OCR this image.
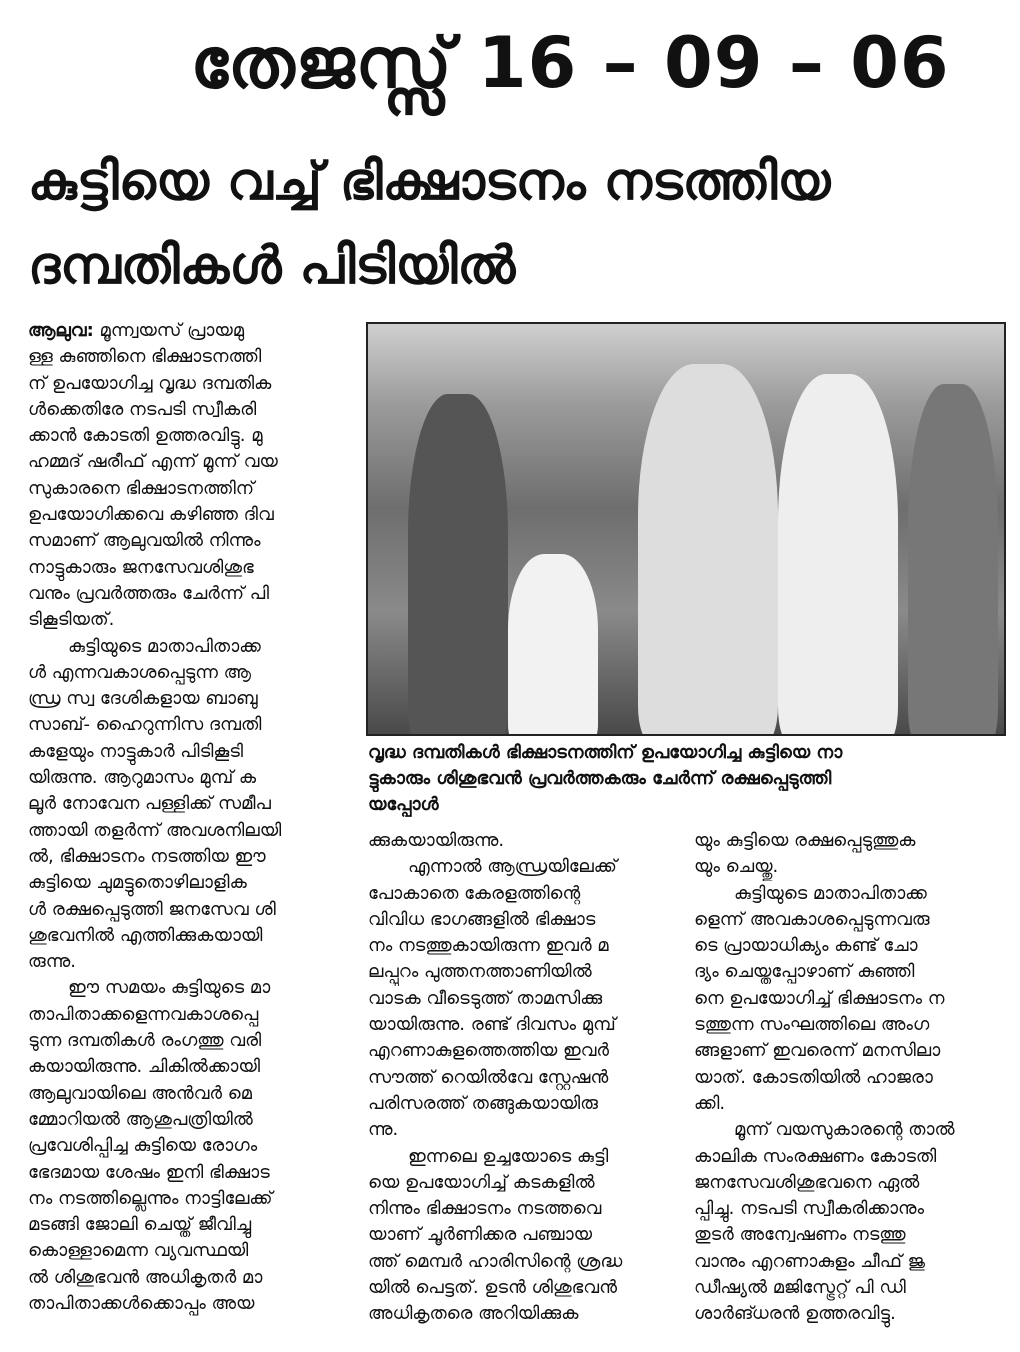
തേജസ്സ് 16 – 09 – 06
കുട്ടിയെ വച്ച് ഭിക്ഷാടനം നടത്തിയ
ദമ്പതികൾ പിടിയിൽ
ആലുവ: മൂന്ന്വയസ് പ്രായമു
ള്ള കുഞ്ഞിനെ ഭിക്ഷാടനത്തി
ന് ഉപയോഗിച്ച വൃദ്ധ ദമ്പതിക
ൾക്കെതിരേ നടപടി സ്വീകരി
ക്കാൻ കോടതി ഉത്തരവിട്ടു. മു
ഹമ്മദ് ഷരീഫ് എന്ന് മൂന്ന് വയ
സുകാരനെ ഭിക്ഷാടനത്തിന്
ഉപയോഗിക്കവെ കഴിഞ്ഞ ദിവ
സമാണ് ആലുവയിൽ നിന്നും
നാട്ടുകാരും ജനസേവശിശുഭ
വനും പ്രവർത്തരും ചേർന്ന് പി
ടികൂടിയത്.
കുട്ടിയുടെ മാതാപിതാക്ക
ൾ എന്നവകാശപ്പെടുന്ന ആ
ന്ധ്ര സ്വ ദേശികളായ ബാബു
സാബ്- ഹൈറുന്നിസ ദമ്പതി
കളേയും നാട്ടുകാർ പിടികൂടി
യിരുന്നു. ആറുമാസം മുമ്പ് ക
ലൂർ നോവേന പള്ളിക്ക് സമീപ
ത്തായി തളർന്ന് അവശനിലയി
ൽ, ഭിക്ഷാടനം നടത്തിയ ഈ
കുട്ടിയെ ചുമട്ടുതൊഴിലാളിക
ൾ രക്ഷപ്പെടുത്തി ജനസേവ ശി
ശുഭവനിൽ എത്തിക്കുകയായി
രുന്നു.
ഈ സമയം കുട്ടിയുടെ മാ
താപിതാക്കളെന്നവകാശപ്പെ
ടുന്ന ദമ്പതികൾ രംഗത്തു വരി
കയായിരുന്നു. ചികിൽക്കായി
ആലുവായിലെ അൻവർ മെ
മ്മോറിയൽ ആശുപത്രിയിൽ
പ്രവേശിപ്പിച്ച കുട്ടിയെ രോഗം
ഭേദമായ ശേഷം ഇനി ഭിക്ഷാട
നം നടത്തില്ലെന്നും നാട്ടിലേക്ക്
മടങ്ങി ജോലി ചെയ്ത് ജീവിച്ചു
കൊള്ളാമെന്ന വ്യവസ്ഥയി
ൽ ശിശുഭവൻ അധികൃതർ മാ
താപിതാക്കൾക്കൊപ്പം അയ
വൃദ്ധ ദമ്പതികൾ ഭിക്ഷാടനത്തിന് ഉപയോഗിച്ച കുട്ടിയെ നാ
ട്ടുകാരും ശിശുഭവൻ പ്രവർത്തകരും ചേർന്ന് രക്ഷപ്പെടുത്തി
യപ്പോൾ
ക്കുകയായിരുന്നു.
എന്നാൽ ആന്ധ്രയിലേക്ക്
പോകാതെ കേരളത്തിന്റെ
വിവിധ ഭാഗങ്ങളിൽ ഭിക്ഷാട
നം നടത്തുകായിരുന്ന ഇവർ മ
ലപ്പുറം പുത്തനത്താണിയിൽ
വാടക വീടെടുത്ത് താമസിക്കു
യായിരുന്നു. രണ്ട് ദിവസം മുമ്പ്
എറണാകുളത്തെത്തിയ ഇവർ
സൗത്ത് റെയിൽവേ സ്റ്റേഷൻ
പരിസരത്ത് തങ്ങുകയായിരു
ന്നു.
ഇന്നലെ ഉച്ചയോടെ കുട്ടി
യെ ഉപയോഗിച്ച് കടകളിൽ
നിന്നും ഭിക്ഷാടനം നടത്തവെ
യാണ് ചൂർണിക്കര പഞ്ചായ
ത്ത് മെമ്പർ ഹാരിസിന്റെ ശ്രദ്ധ
യിൽ പെട്ടത്. ഉടൻ ശിശുഭവൻ
അധികൃതരെ അറിയിക്കുക
യും കുട്ടിയെ രക്ഷപ്പെടുത്തുക
യും ചെയ്തു.
കുട്ടിയുടെ മാതാപിതാക്ക
ളെന്ന് അവകാശപ്പെടുന്നവരു
ടെ പ്രായാധിക്യം കണ്ട് ചോ
ദ്യം ചെയ്തപ്പോഴാണ് കുഞ്ഞി
നെ ഉപയോഗിച്ച് ഭിക്ഷാടനം ന
ടത്തുന്ന സംഘത്തിലെ അംഗ
ങ്ങളാണ് ഇവരെന്ന് മനസിലാ
യാത്. കോടതിയിൽ ഹാജരാ
ക്കി.
മൂന്ന് വയസുകാരന്റെ താൽ
കാലിക സംരക്ഷണം കോടതി
ജനസേവശിശുഭവനെ ഏൽ
പ്പിച്ചു. നടപടി സ്വീകരിക്കാനും
തുടർ അന്വേഷണം നടത്തു
വാനും എറണാകുളം ചീഫ് ജു
ഡീഷ്യൽ മജിസ്ട്രേറ്റ് പി ഡി
ശാർങ്ധരൻ ഉത്തരവിട്ടു.
